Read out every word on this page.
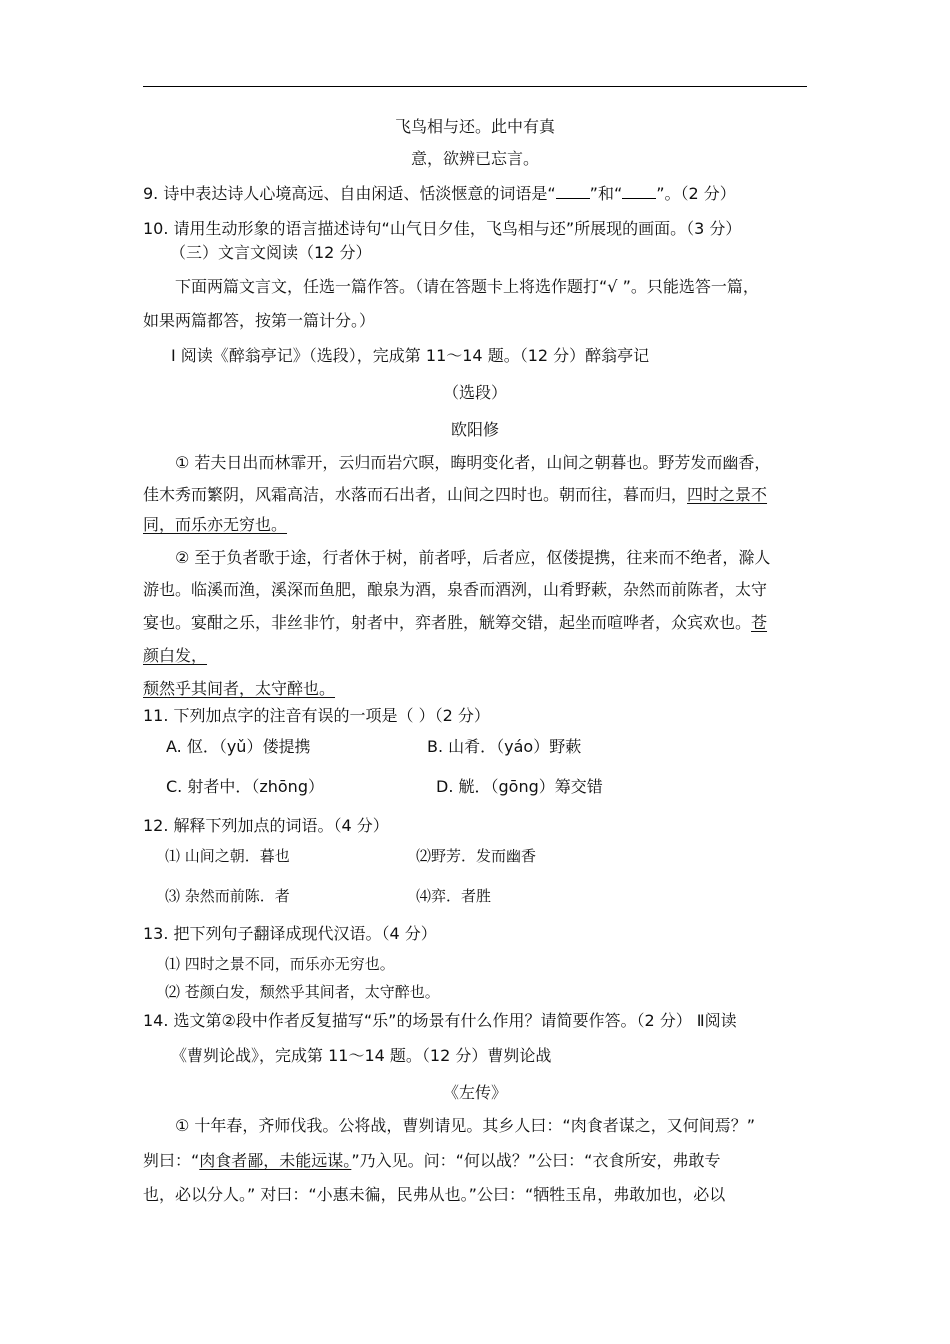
飞鸟相与还。此中有真
意，欲辨已忘言。
9. 诗中表达诗人心境高远、自由闲适、恬淡惬意的词语是“ ”和“ ”。（2 分）
10. 请用生动形象的语言描述诗句“山气日夕佳，飞鸟相与还”所展现的画面。（3 分）
（三）文言文阅读（12 分）
下面两篇文言文，任选一篇作答。（请在答题卡上将选作题打“√ ”。只能选答一篇，
如果两篇都答，按第一篇计分。）
Ⅰ 阅读《醉翁亭记》（选段），完成第 11～14 题。（12 分）醉翁亭记
（选段）
欧阳修
① 若夫日出而林霏开，云归而岩穴暝，晦明变化者，山间之朝暮也。野芳发而幽香，
佳木秀而繁阴，风霜高洁，水落而石出者，山间之四时也。朝而往，暮而归，四时之景不
同，而乐亦无穷也。
② 至于负者歌于途，行者休于树，前者呼，后者应，伛偻提携，往来而不绝者，滁人
游也。临溪而渔，溪深而鱼肥，酿泉为酒，泉香而酒洌，山肴野蔌，杂然而前陈者，太守
宴也。宴酣之乐，非丝非竹，射者中，弈者胜，觥筹交错，起坐而喧哗者，众宾欢也。苍
颜白发，
颓然乎其间者，太守醉也。
11. 下列加点字的注音有误的一项是（ ）（2 分）
A. 伛．（yǔ）偻提携	B. 山肴．（yáo）野蔌
C. 射者中．（zhōng）	D. 觥．（gōng）筹交错
12. 解释下列加点的词语。（4 分）
⑴ 山间之朝．暮也	⑵野芳．发而幽香
⑶ 杂然而前陈．者	⑷弈．者胜
13. 把下列句子翻译成现代汉语。（4 分）
⑴ 四时之景不同，而乐亦无穷也。
⑵ 苍颜白发，颓然乎其间者，太守醉也。
14. 选文第②段中作者反复描写“乐”的场景有什么作用？请简要作答。（2 分） Ⅱ阅读
《曹刿论战》，完成第 11～14 题。（12 分）曹刿论战
《左传》
① 十年春，齐师伐我。公将战，曹刿请见。其乡人曰：“肉食者谋之，又何间焉？”
刿曰：“肉食者鄙，未能远谋。”乃入见。问：“何以战？”公曰：“衣食所安，弗敢专
也，必以分人。” 对曰：“小惠未徧，民弗从也。”公曰：“牺牲玉帛，弗敢加也，必以
